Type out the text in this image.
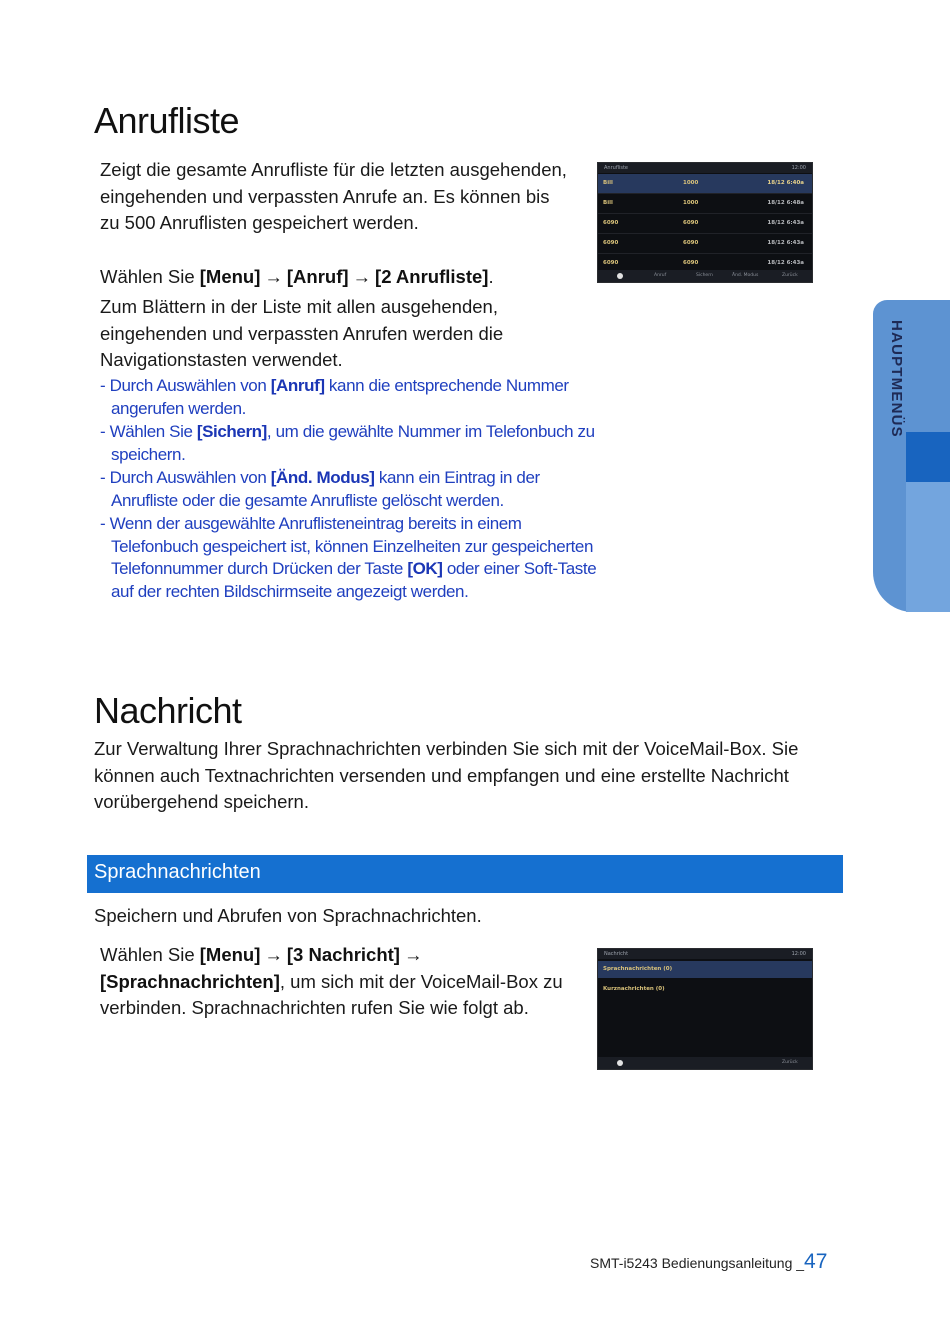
Anrufliste
Zeigt die gesamte Anrufliste für die letzten ausgehenden, eingehenden und verpassten Anrufe an. Es können bis zu 500 Anruflisten gespeichert werden.
Wählen Sie [Menu] → [Anruf] → [2 Anrufliste].
Zum Blättern in der Liste mit allen ausgehenden, eingehenden und verpassten Anrufen werden die Navigationstasten verwendet.
- Durch Auswählen von [Anruf] kann die entsprechende Nummer angerufen werden.
- Wählen Sie [Sichern], um die gewählte Nummer im Telefonbuch zu speichern.
- Durch Auswählen von [Änd. Modus] kann ein Eintrag in der Anrufliste oder die gesamte Anrufliste gelöscht werden.
- Wenn der ausgewählte Anruflisteneintrag bereits in einem Telefonbuch gespeichert ist, können Einzelheiten zur gespeicherten Telefonnummer durch Drücken der Taste [OK] oder einer Soft-Taste auf der rechten Bildschirmseite angezeigt werden.
Anrufliste	12:00
Bill	1000	18/12 6:40a
Bill	1000	18/12 6:48a
6090	6090	18/12 6:43a
6090	6090	18/12 6:43a
6090	6090	18/12 6:43a
Anruf	Sichern	Änd. Modus	Zurück
Nachricht
Zur Verwaltung Ihrer Sprachnachrichten verbinden Sie sich mit der VoiceMail-Box. Sie können auch Textnachrichten versenden und empfangen und eine erstellte Nachricht vorübergehend speichern.
Sprachnachrichten
Speichern und Abrufen von Sprachnachrichten.
Wählen Sie [Menu] → [3 Nachricht] →
[Sprachnachrichten], um sich mit der VoiceMail-Box zu verbinden. Sprachnachrichten rufen Sie wie folgt ab.
Nachricht	12:00
Sprachnachrichten (0)
Kurznachrichten (0)
Zurück
HAUPTMENÜS
SMT-i5243 Bedienungsanleitung _47
